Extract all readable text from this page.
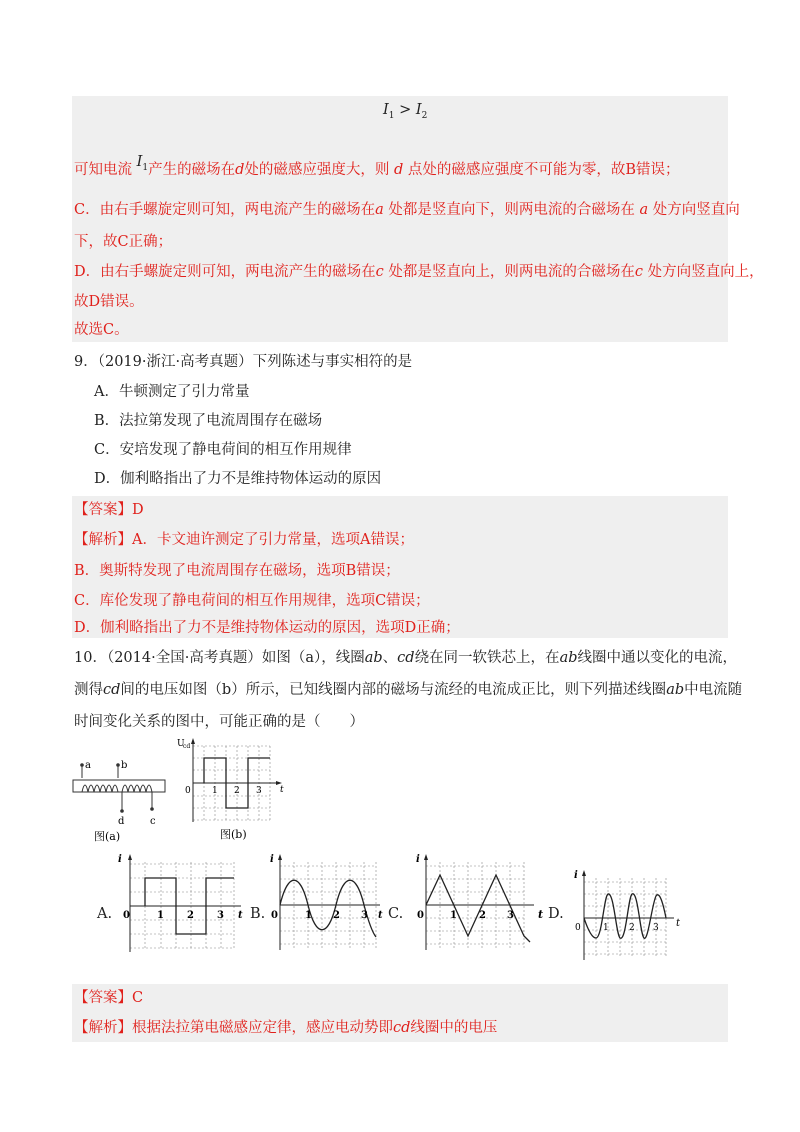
$I_1 > I_2$
可知电流 $I_1$产生的磁场在d处的磁感应强度大，则 d 点处的磁感应强度不可能为零，故B错误；
C．由右手螺旋定则可知，两电流产生的磁场在a 处都是竖直向下，则两电流的合磁场在 a 处方向竖直向
下，故C正确；
D．由右手螺旋定则可知，两电流产生的磁场在c 处都是竖直向上，则两电流的合磁场在c 处方向竖直向上，
故D错误。
故选C。
9．（2019·浙江·高考真题）下列陈述与事实相符的是
A．牛顿测定了引力常量
B．法拉第发现了电流周围存在磁场
C．安培发现了静电荷间的相互作用规律
D．伽利略指出了力不是维持物体运动的原因
【答案】D
【解析】A．卡文迪许测定了引力常量，选项A错误；
B．奥斯特发现了电流周围存在磁场，选项B错误；
C．库伦发现了静电荷间的相互作用规律，选项C错误；
D．伽利略指出了力不是维持物体运动的原因，选项D正确；
10．（2014·全国·高考真题）如图（a），线圈ab、cd绕在同一软铁芯上，在ab线圈中通以变化的电流，
测得cd间的电压如图（b）所示，已知线圈内部的磁场与流经的电流成正比，则下列描述线圈ab中电流随
时间变化关系的图中，可能正确的是（　　）
a	b
d	c
图(a)
U
cd
t
0 1 2 3
图(b)
A.
i
0	1 2 3 t B.
i
0	1 2 3 t C.
i
0	1 2 3 t D.
i
0 1 2 3 t
【答案】C
【解析】根据法拉第电磁感应定律，感应电动势即cd线圈中的电压
